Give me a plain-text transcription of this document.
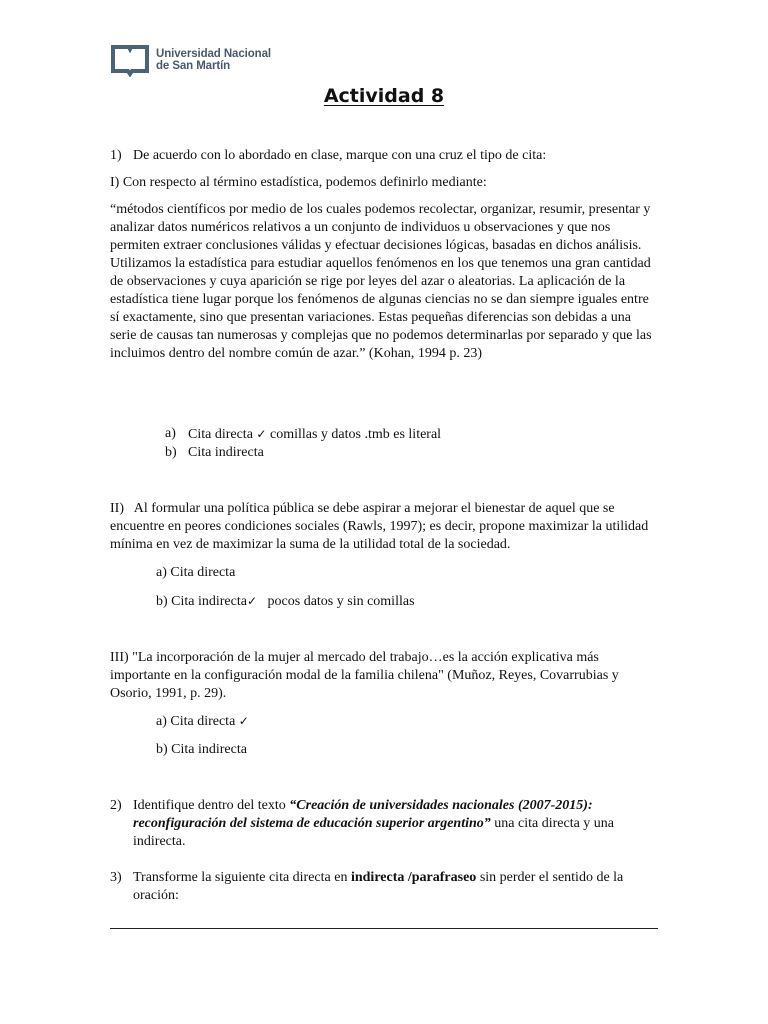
Universidad Nacional
de San Martín
Actividad 8
1) De acuerdo con lo abordado en clase, marque con una cruz el tipo de cita:

I) Con respecto al término estadística, podemos definirlo mediante:

“métodos científicos por medio de los cuales podemos recolectar, organizar, resumir, presentar y analizar datos numéricos relativos a un conjunto de individuos u observaciones y que nos permiten extraer conclusiones válidas y efectuar decisiones lógicas, basadas en dichos análisis. Utilizamos la estadística para estudiar aquellos fenómenos en los que tenemos una gran cantidad de observaciones y cuya aparición se rige por leyes del azar o aleatorias. La aplicación de la estadística tiene lugar porque los fenómenos de algunas ciencias no se dan siempre iguales entre sí exactamente, sino que presentan variaciones. Estas pequeñas diferencias son debidas a una serie de causas tan numerosas y complejas que no podemos determinarlas por separado y que las incluimos dentro del nombre común de azar.” (Kohan, 1994 p. 23)

a) Cita directa ✓ comillas y datos .tmb es literal
b) Cita indirecta

II) Al formular una política pública se debe aspirar a mejorar el bienestar de aquel que se encuentre en peores condiciones sociales (Rawls, 1997); es decir, propone maximizar la utilidad mínima en vez de maximizar la suma de la utilidad total de la sociedad.

a) Cita directa

b) Cita indirecta✓ pocos datos y sin comillas

III) "La incorporación de la mujer al mercado del trabajo…es la acción explicativa más importante en la configuración modal de la familia chilena" (Muñoz, Reyes, Covarrubias y Osorio, 1991, p. 29).

a) Cita directa ✓

b) Cita indirecta

2) Identifique dentro del texto “Creación de universidades nacionales (2007-2015): reconfiguración del sistema de educación superior argentino” una cita directa y una indirecta.
3) Transforme la siguiente cita directa en indirecta /parafraseo sin perder el sentido de la oración:
